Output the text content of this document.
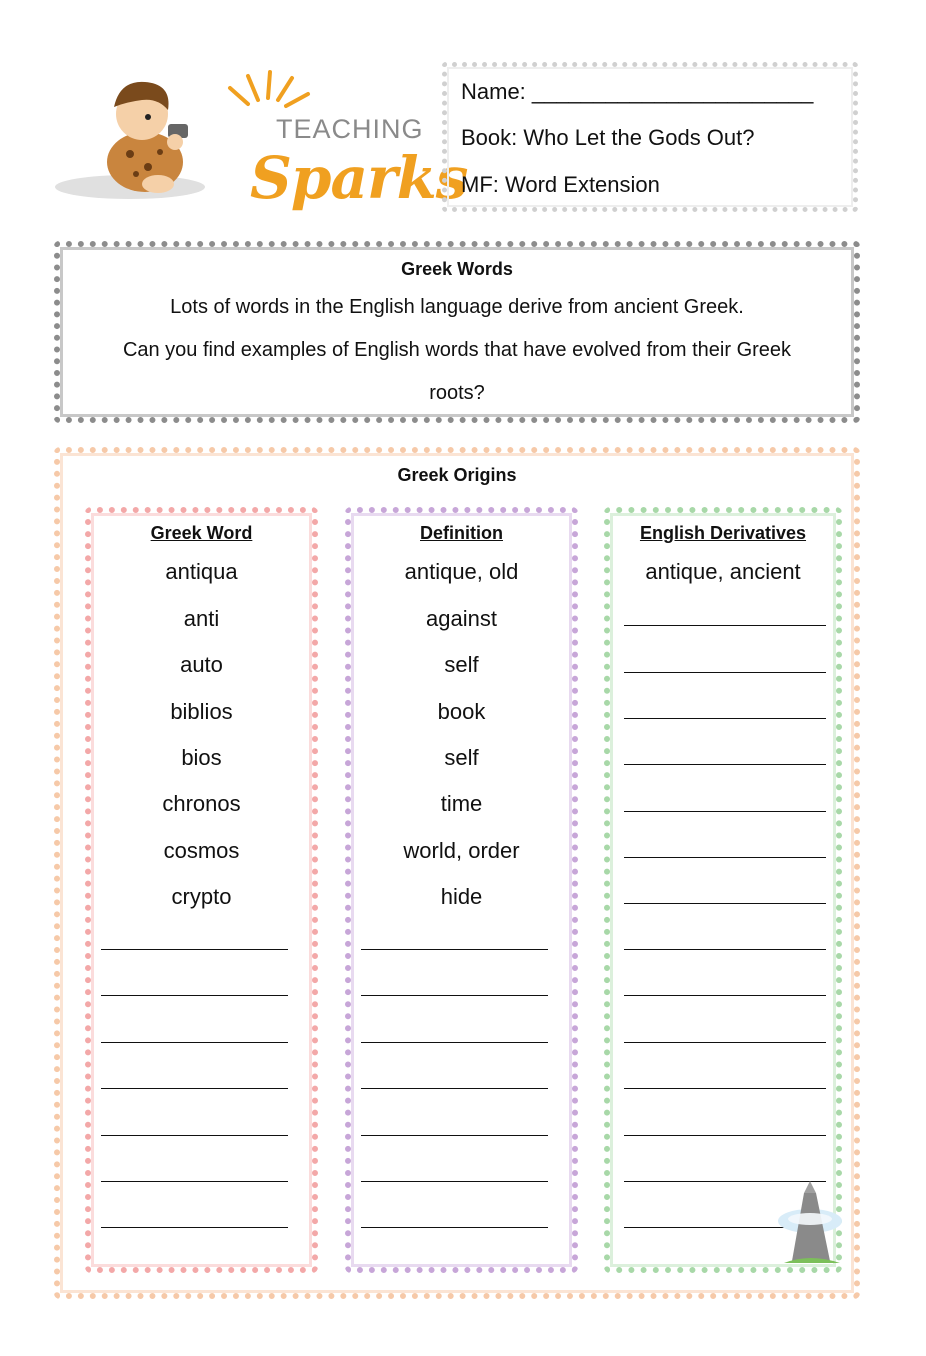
TEACHING
Sparks
Name: _______________________
Book: Who Let the Gods Out?
MF: Word Extension
Greek Words
Lots of words in the English language derive from ancient Greek.
Can you find examples of English words that have evolved from their Greek
roots?
Greek Origins
Greek Word
antiqua
anti
auto
biblios
bios
chronos
cosmos
crypto
Definition
antique, old
against
self
book
self
time
world, order
hide
English Derivatives
antique, ancient
